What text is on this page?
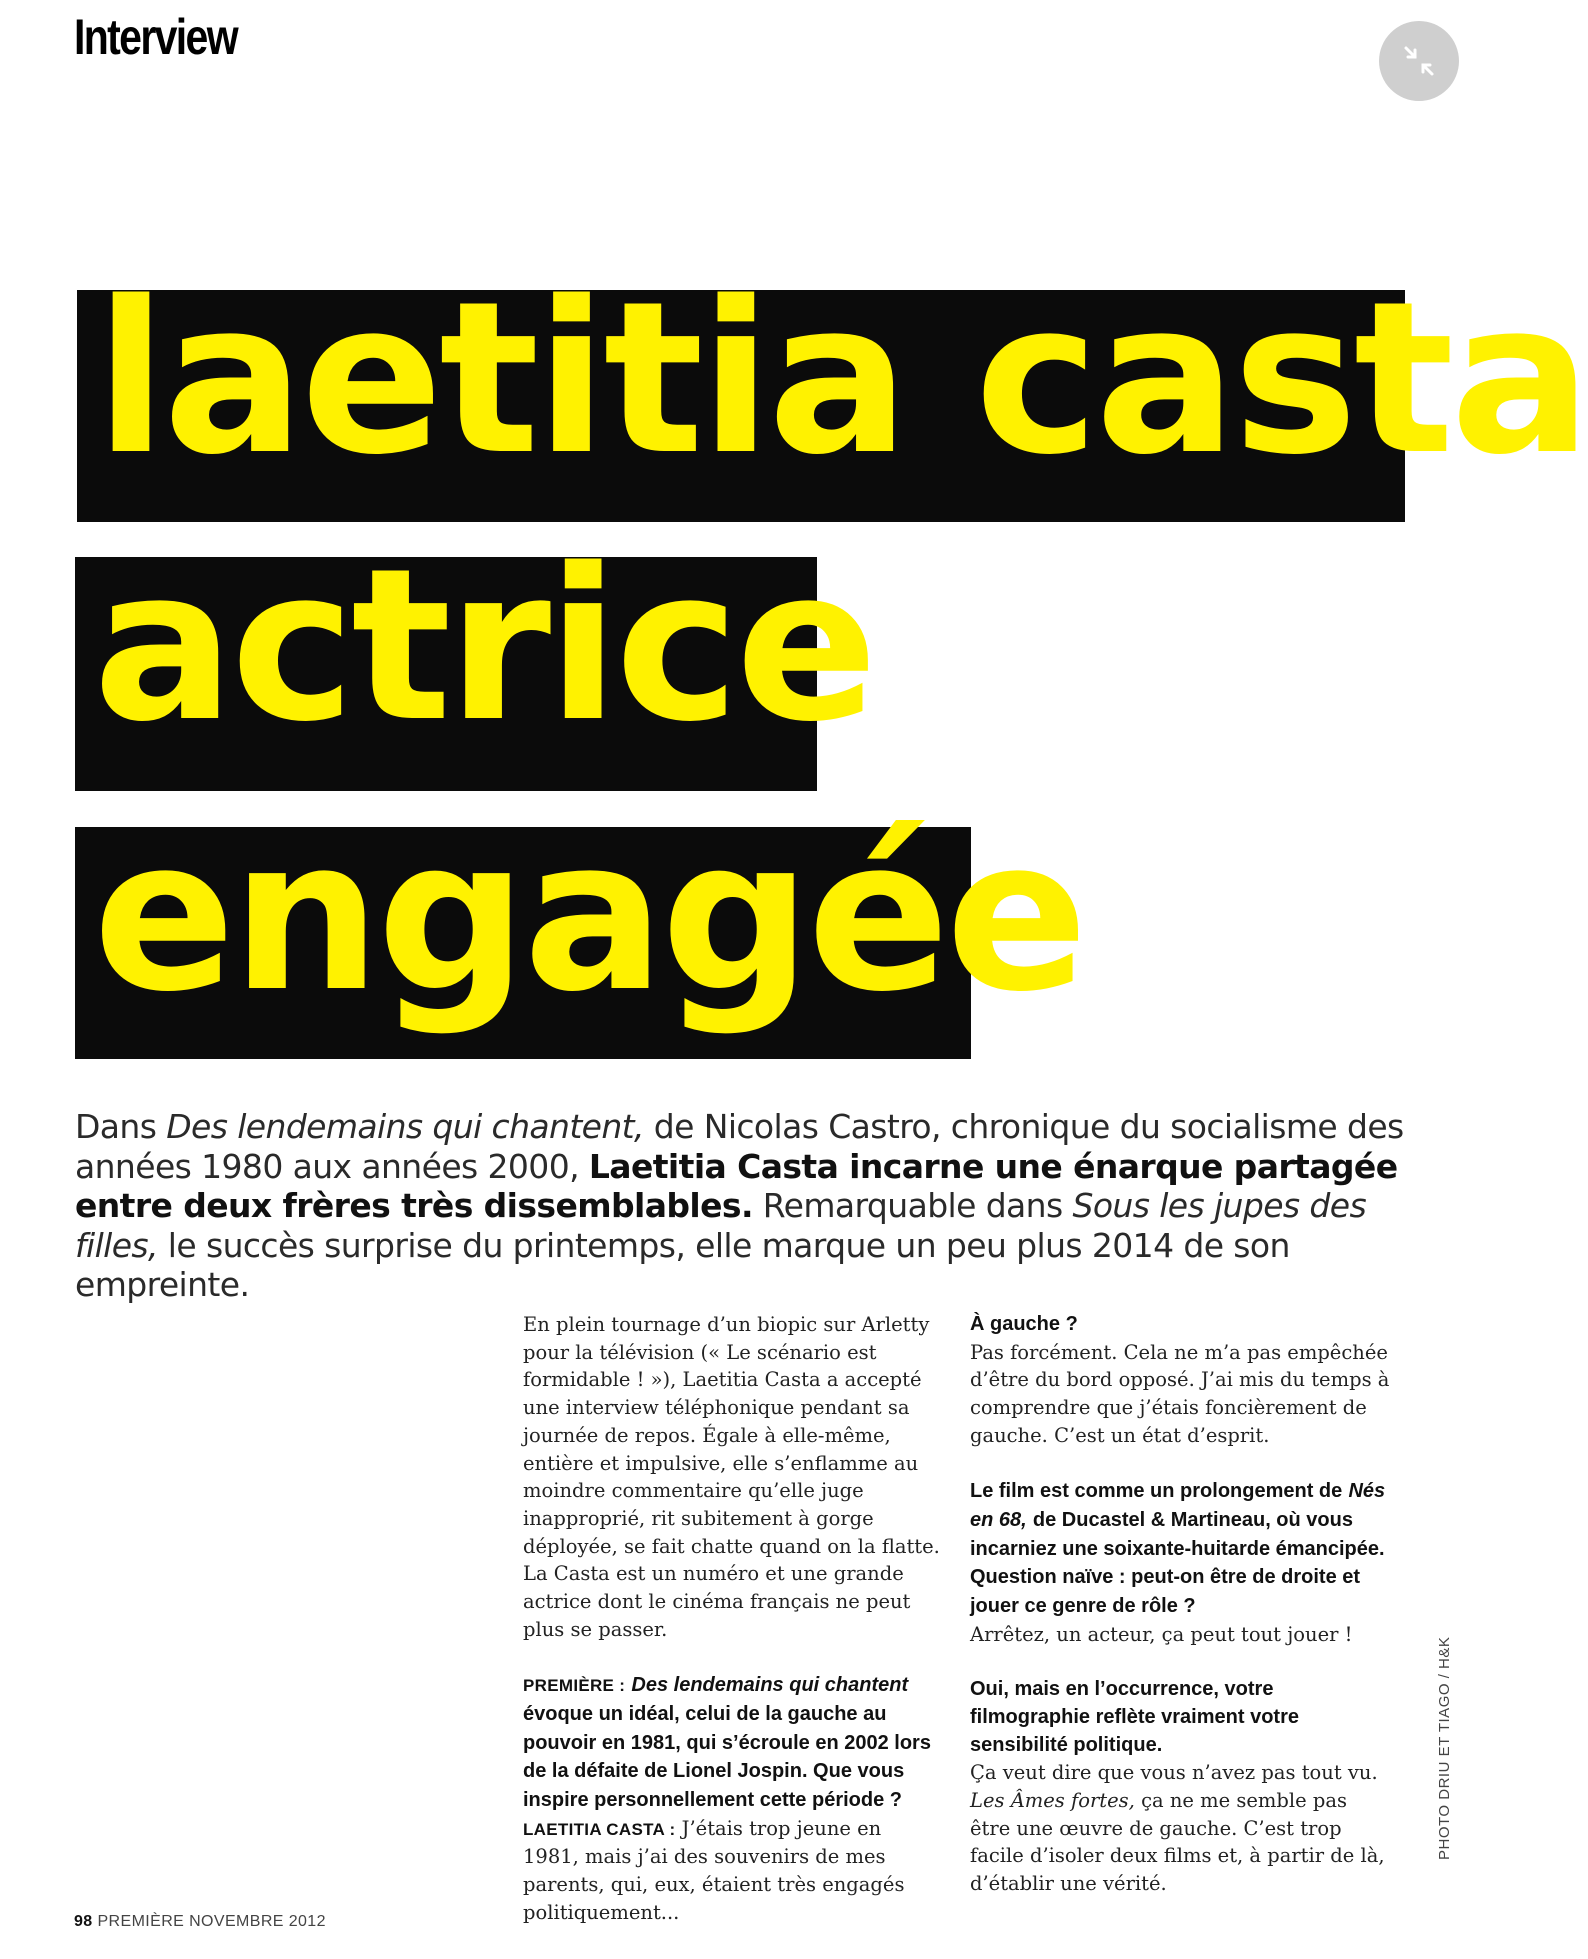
Interview
laetitia casta
actrice
engagée
Dans Des lendemains qui chantent, de Nicolas Castro, chronique du socialisme des années 1980 aux années 2000, Laetitia Casta incarne une énarque partagée entre deux frères très dissemblables. Remarquable dans Sous les jupes des filles, le succès surprise du printemps, elle marque un peu plus 2014 de son empreinte.

En plein tournage d’un biopic sur Arletty pour la télévision (« Le scénario est formidable ! »), Laetitia Casta a accepté une interview téléphonique pendant sa journée de repos. Égale à elle-même, entière et impulsive, elle s’enflamme au moindre commentaire qu’elle juge inapproprié, rit subitement à gorge déployée, se fait chatte quand on la flatte. La Casta est un numéro et une grande actrice dont le cinéma français ne peut plus se passer.

PREMIÈRE : Des lendemains qui chantent évoque un idéal, celui de la gauche au pouvoir en 1981, qui s’écroule en 2002 lors de la défaite de Lionel Jospin. Que vous inspire personnellement cette période ?

LAETITIA CASTA : J’étais trop jeune en 1981, mais j’ai des souvenirs de mes parents, qui, eux, étaient très engagés politiquement...

À gauche ?

Pas forcément. Cela ne m’a pas empêchée d’être du bord opposé. J’ai mis du temps à comprendre que j’étais foncièrement de gauche. C’est un état d’esprit.

Le film est comme un prolongement de Nés en 68, de Ducastel & Martineau, où vous incarniez une soixante-huitarde émancipée. Question naïve : peut-on être de droite et jouer ce genre de rôle ?

Arrêtez, un acteur, ça peut tout jouer !

Oui, mais en l’occurrence, votre filmographie reflète vraiment votre sensibilité politique.

Ça veut dire que vous n’avez pas tout vu. Les Âmes fortes, ça ne me semble pas être une œuvre de gauche. C’est trop facile d’isoler deux films et, à partir de là, d’établir une vérité.

PHOTO DRIU ET TIAGO / H&K
98 PREMIÈRE NOVEMBRE 2012
